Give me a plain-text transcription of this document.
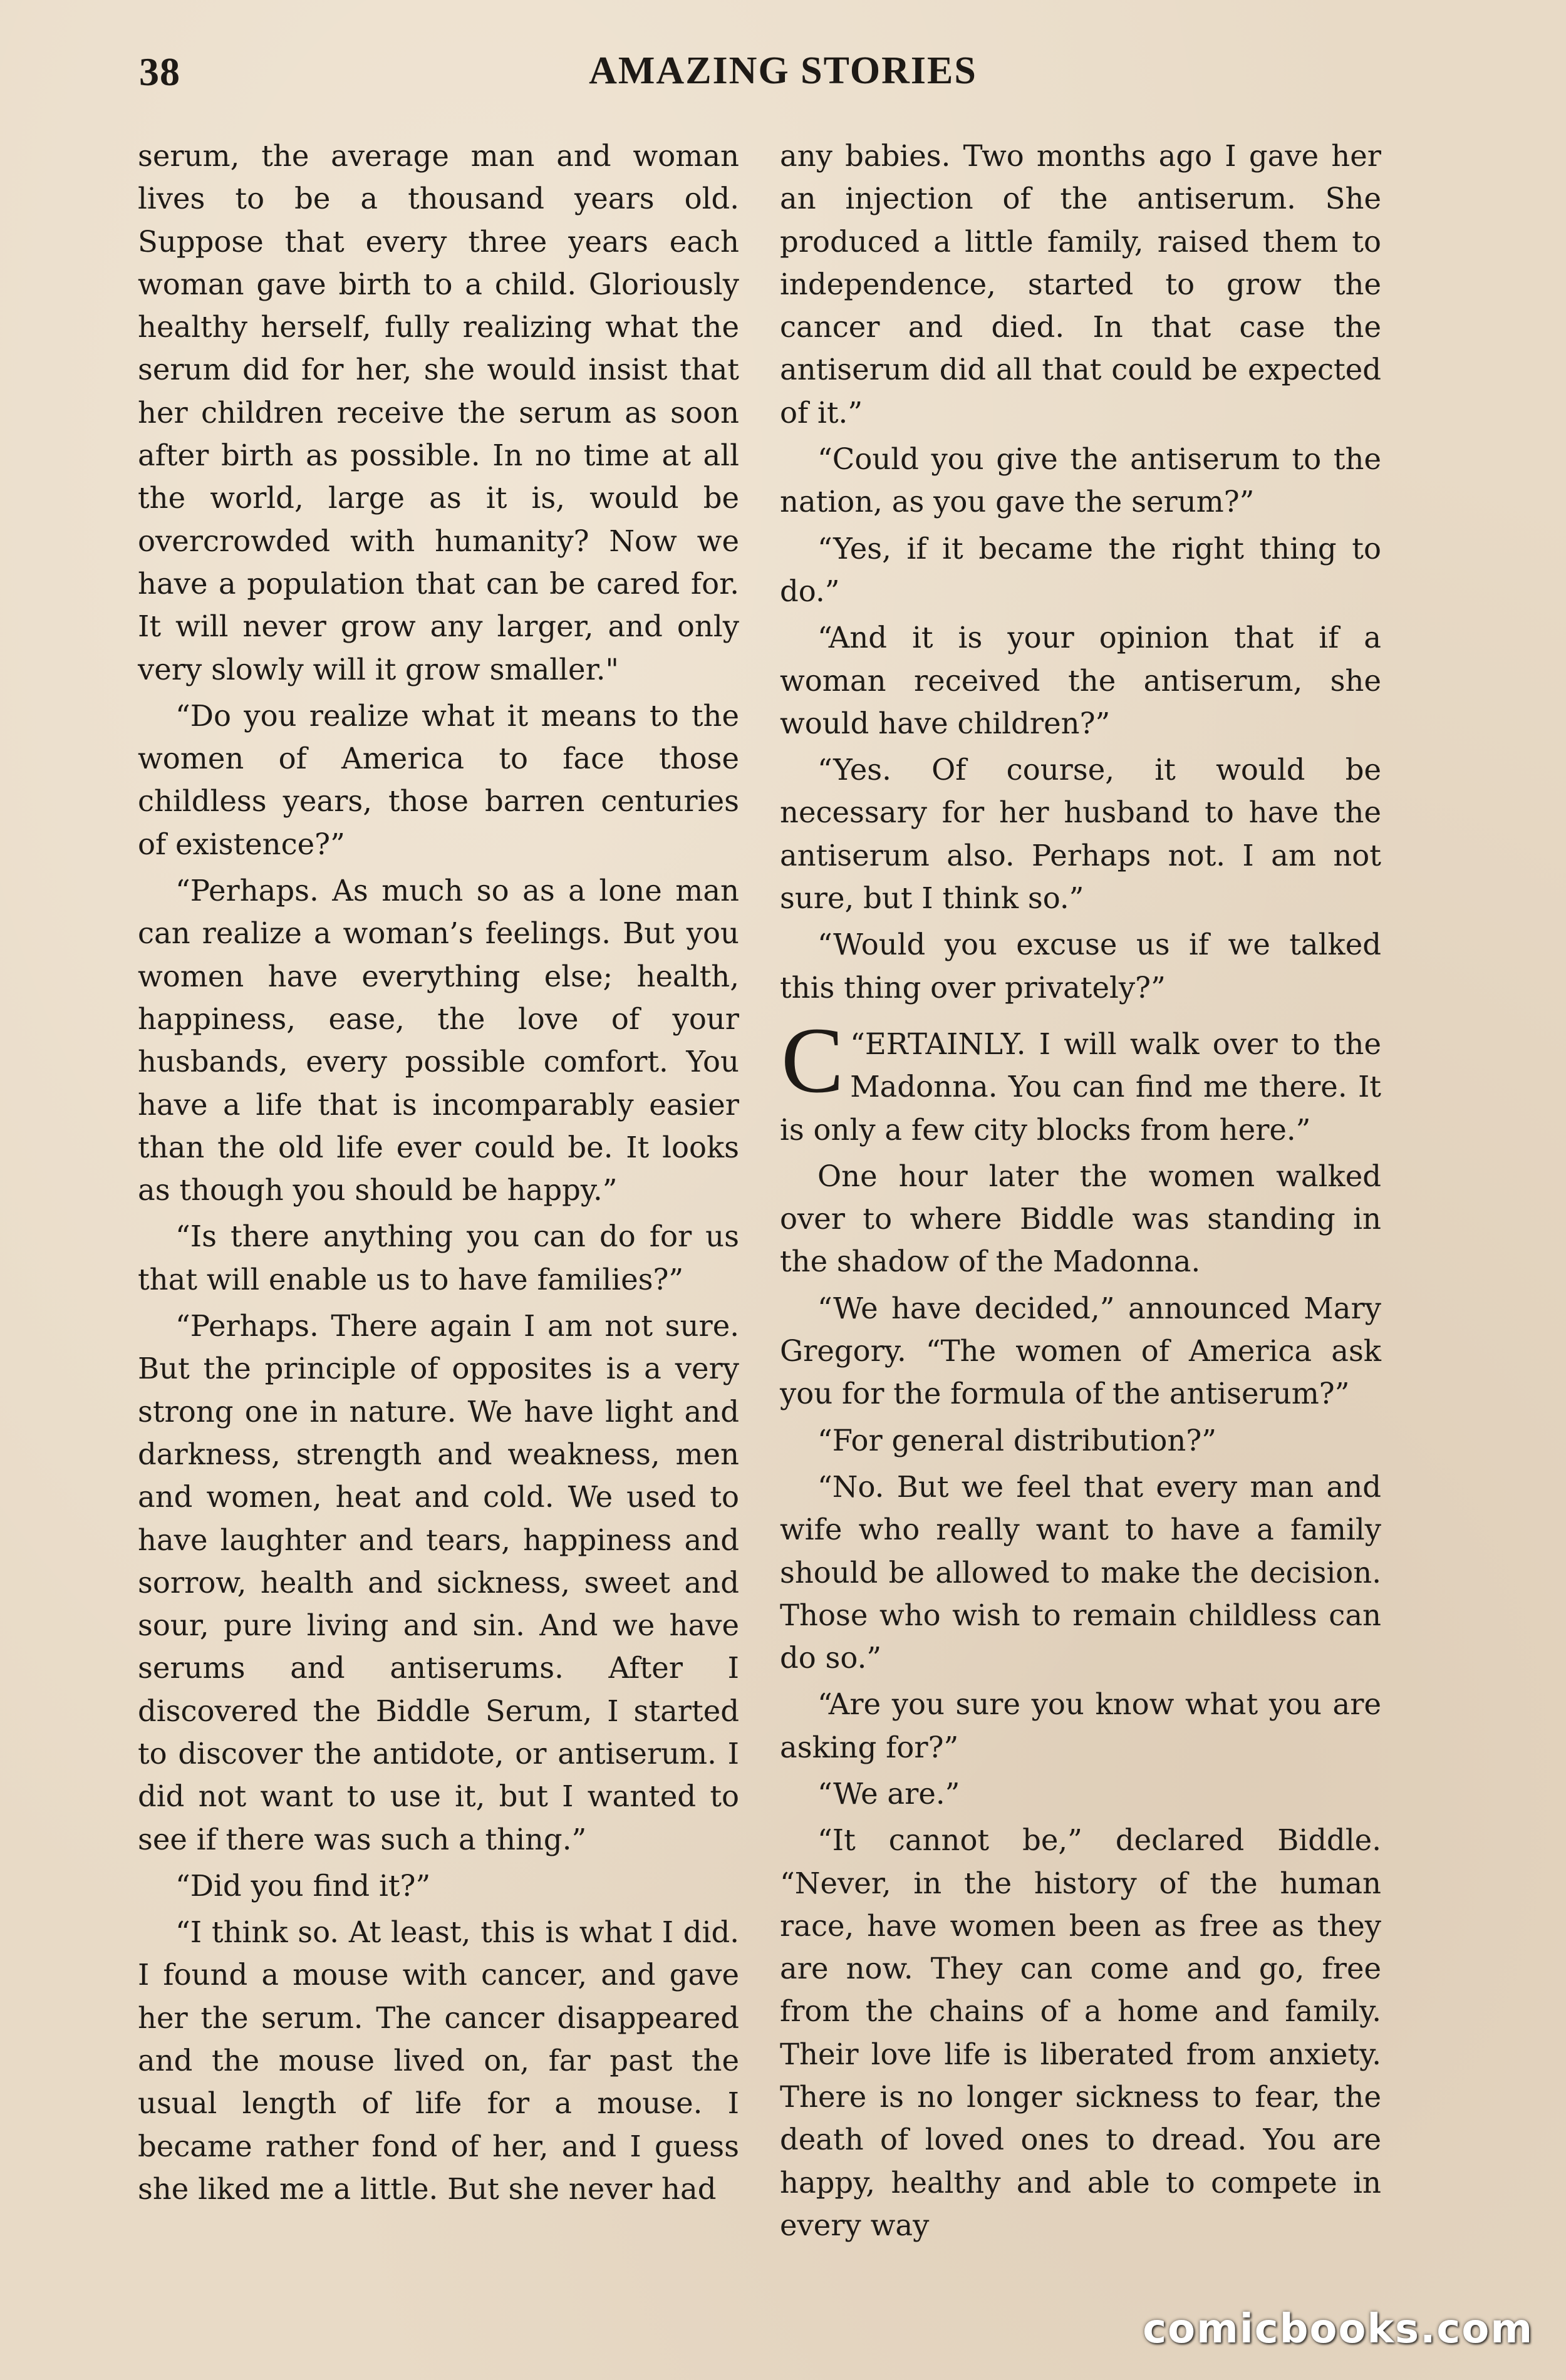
38	AMAZING STORIES

serum, the average man and woman lives to be a thousand years old. Suppose that every three years each woman gave birth to a child. Gloriously healthy herself, fully realizing what the serum did for her, she would insist that her children receive the serum as soon after birth as possible. In no time at all the world, large as it is, would be overcrowded with humanity? Now we have a population that can be cared for. It will never grow any larger, and only very slowly will it grow smaller."

“Do you realize what it means to the women of America to face those childless years, those barren centuries of existence?”

“Perhaps. As much so as a lone man can realize a woman’s feelings. But you women have everything else; health, happiness, ease, the love of your husbands, every possible comfort. You have a life that is incomparably easier than the old life ever could be. It looks as though you should be happy.”

“Is there anything you can do for us that will enable us to have families?”

“Perhaps. There again I am not sure. But the principle of opposites is a very strong one in nature. We have light and darkness, strength and weakness, men and women, heat and cold. We used to have laughter and tears, happiness and sorrow, health and sickness, sweet and sour, pure living and sin. And we have serums and antiserums. After I discovered the Biddle Serum, I started to discover the antidote, or antiserum. I did not want to use it, but I wanted to see if there was such a thing.”

“Did you find it?”

“I think so. At least, this is what I did. I found a mouse with cancer, and gave her the serum. The cancer disappeared and the mouse lived on, far past the usual length of life for a mouse. I became rather fond of her, and I guess she liked me a little. But she never had

any babies. Two months ago I gave her an injection of the antiserum. She produced a little family, raised them to independence, started to grow the cancer and died. In that case the antiserum did all that could be expected of it.”

“Could you give the antiserum to the nation, as you gave the serum?”

“Yes, if it became the right thing to do.”

“And it is your opinion that if a woman received the antiserum, she would have children?”

“Yes. Of course, it would be necessary for her husband to have the antiserum also. Perhaps not. I am not sure, but I think so.”

“Would you excuse us if we talked this thing over privately?”

“
C ERTAINLY. I will walk over to the Madonna. You can find me there. It is only a few city blocks from here.”

One hour later the women walked over to where Biddle was standing in the shadow of the Madonna.

“We have decided,” announced Mary Gregory. “The women of America ask you for the formula of the antiserum?”

“For general distribution?”

“No. But we feel that every man and wife who really want to have a family should be allowed to make the decision. Those who wish to remain childless can do so.”

“Are you sure you know what you are asking for?”

“We are.”

“It cannot be,” declared Biddle. “Never, in the history of the human race, have women been as free as they are now. They can come and go, free from the chains of a home and family. Their love life is liberated from anxiety. There is no longer sickness to fear, the death of loved ones to dread. You are happy, healthy and able to compete in every way

comicbooks.com
